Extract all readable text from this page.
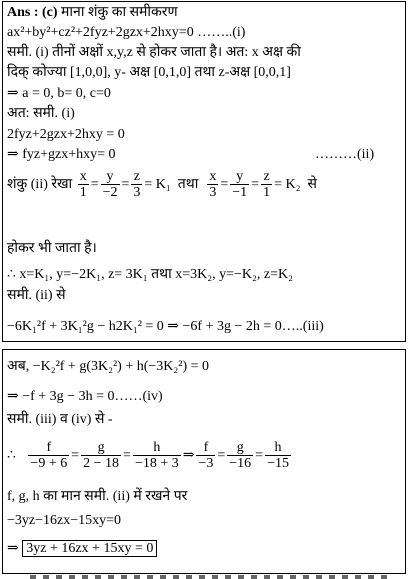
Ans : (c) माना शंकु का समीकरण
ax²+by²+cz²+2fyz+2gzx+2hxy=0 ……..(i)
समी. (i) तीनों अक्षों x,y,z से होकर जाता है। अत: x अक्ष की
दिक् कोज्या [1,0,0], y- अक्ष [0,1,0] तथा z-अक्ष [0,0,1]
⇒ a = 0, b= 0, c=0
अत: समी. (i)
2fyz+2gzx+2hxy = 0
⇒ fyz+gzx+hxy= 0	………(ii)
शंकु (ii) रेखा $\frac{x}{1} = \frac{y}{-2} = \frac{z}{3} = K_1$ तथा $\frac{x}{3} = \frac{y}{-1} = \frac{z}{1} = K_2$ से
होकर भी जाता है।
∴ x=K₁, y=−2K₁, z= 3K₁ तथा x=3K₂, y=−K₂, z=K₂
समी. (ii) से
−6K₁²f + 3K₁²g − h2K₁² = 0 ⇒ −6f + 3g − 2h = 0…..(iii)
अब, −K₂²f + g(3K₂²) + h(−3K₂²) = 0
⇒ −f + 3g − 3h = 0……(iv)
समी. (iii) व (iv) से -
∴ $\frac{f}{-9 + 6} = \frac{g}{2 - 18} = \frac{h}{-18 + 3}$ ⇒ $\frac{f}{-3} = \frac{g}{-16} = \frac{h}{-15}$
f, g, h का मान समी. (ii) में रखने पर
−3yz−16zx−15xy=0
⇒ 3yz + 16zx + 15xy = 0
